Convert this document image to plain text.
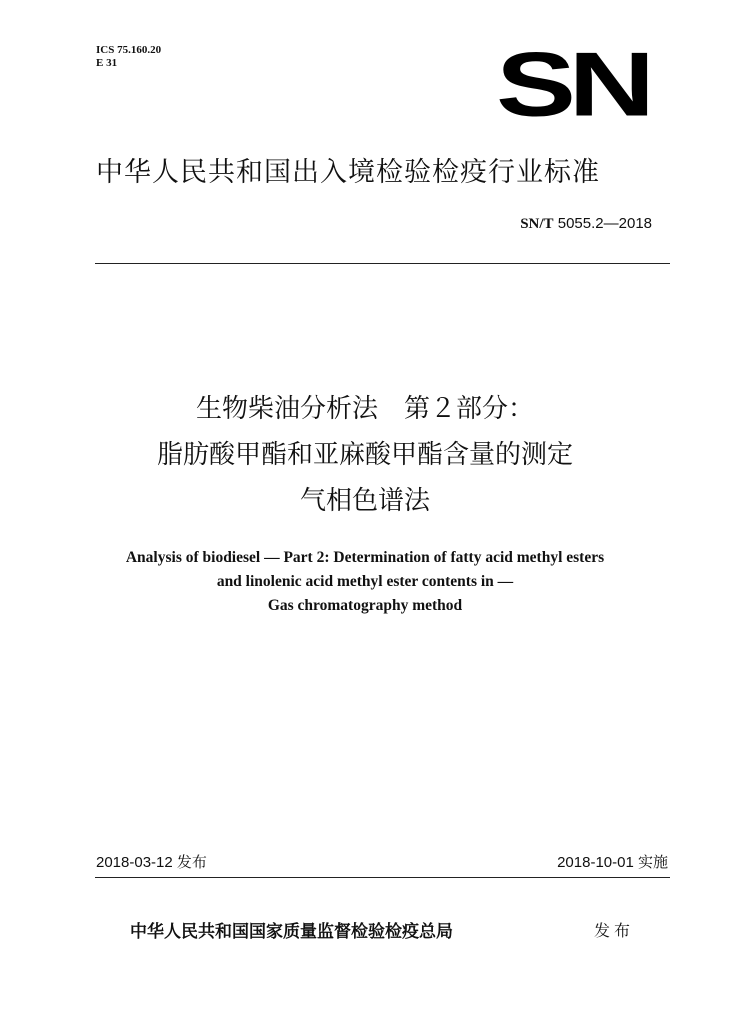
ICS 75.160.20
E 31	SN
中华人民共和国出入境检验检疫行业标准
SN/T 5055.2—2018
生物柴油分析法　第２部分：
脂肪酸甲酯和亚麻酸甲酯含量的测定
气相色谱法
Analysis of biodiesel — Part 2: Determination of fatty acid methyl esters
and linolenic acid methyl ester contents in —
Gas chromatography method
2018-03-12 发布	2018-10-01 实施
中华人民共和国国家质量监督检验检疫总局	发布
